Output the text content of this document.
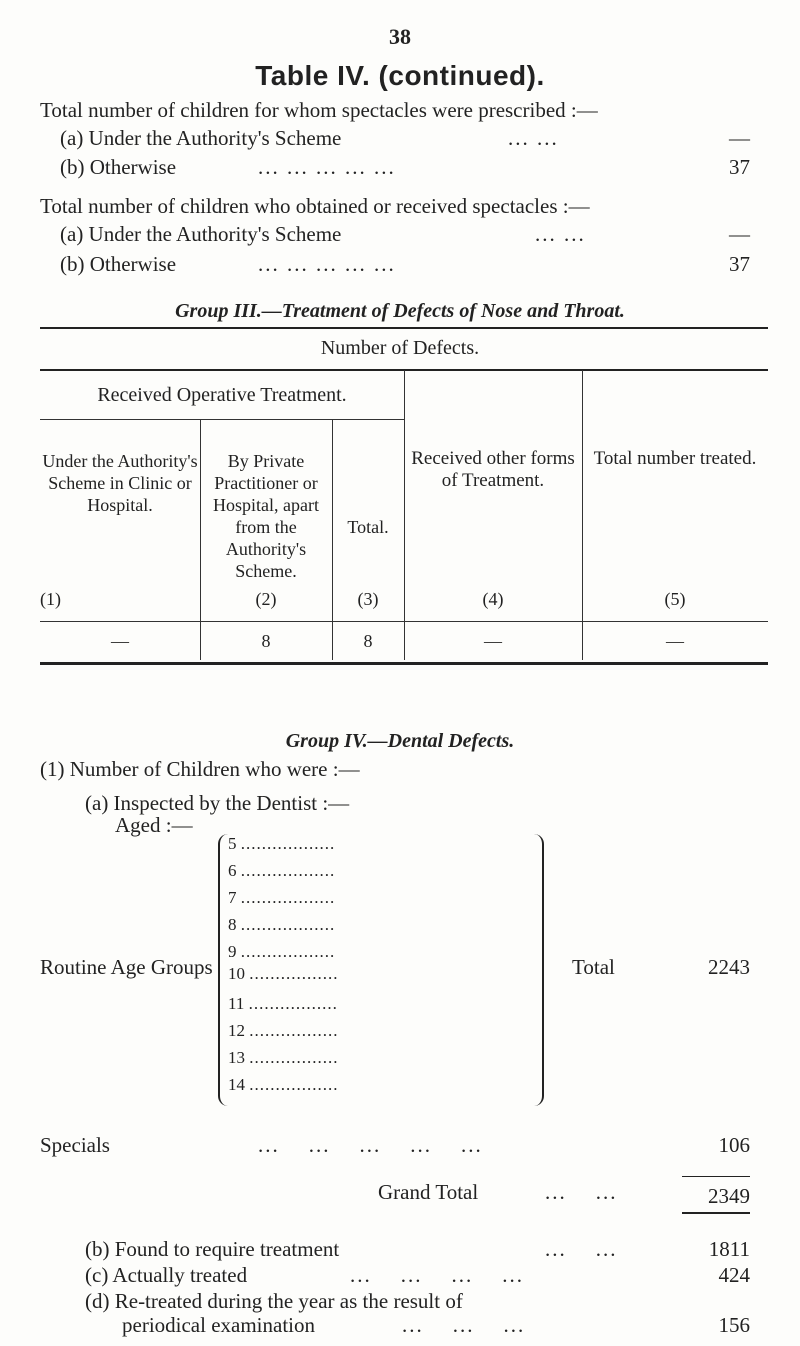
38
Table IV. (continued).
Total number of children for whom spectacles were prescribed :—
(a) Under the Authority's Scheme	... ...	—
(b) Otherwise	... ... ... ... ...	37
Total number of children who obtained or received spectacles :—
(a) Under the Authority's Scheme	... ...	—
(b) Otherwise	... ... ... ... ...	37
Group III.—Treatment of Defects of Nose and Throat.
Number of Defects.
Received Operative Treatment.
Under the Authority's Scheme in Clinic or Hospital.
By Private Practitioner or Hospital, apart from the Authority's Scheme.
Total.
Received other forms of Treatment.
Total number treated.
(1)	(2)	(3)	(4)	(5)
—	8	8	—	—
Group IV.—Dental Defects.
(1) Number of Children who were :—
(a) Inspected by the Dentist :—
Aged :—
5 ..................
6 ..................
7 ..................
8 ..................
9 ..................
10 .................
11 .................
12 .................
13 .................
14 .................
Routine Age Groups	Total	2243
Specials	...    ...    ...    ...    ...	106
Grand Total	...    ...	2349
(b) Found to require treatment	...    ...	1811
(c) Actually treated	...    ...    ...    ...	424
(d) Re-treated during the year as the result of
periodical examination	...    ...    ...	156
